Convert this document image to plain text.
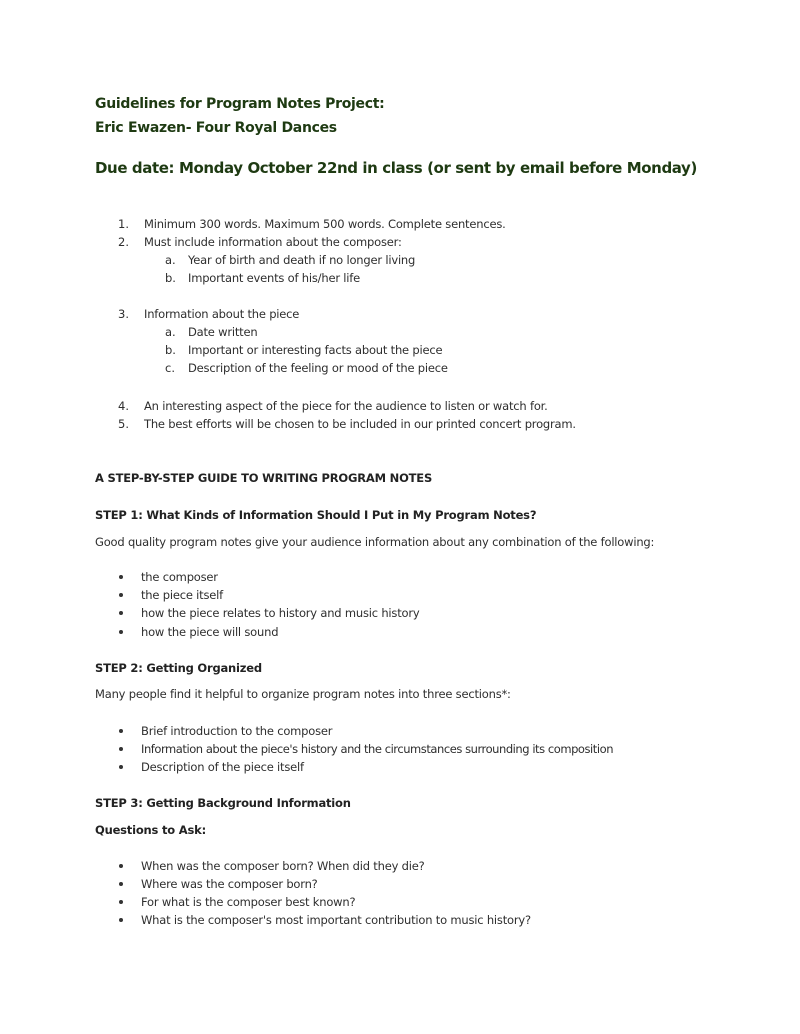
Guidelines for Program Notes Project:
Eric Ewazen- Four Royal Dances
Due date: Monday October 22nd in class (or sent by email before Monday)
1. Minimum 300 words. Maximum 500 words. Complete sentences.
2. Must include information about the composer:
a. Year of birth and death if no longer living
b. Important events of his/her life
3. Information about the piece
a. Date written
b. Important or interesting facts about the piece
c. Description of the feeling or mood of the piece
4. An interesting aspect of the piece for the audience to listen or watch for.
5. The best efforts will be chosen to be included in our printed concert program.
A STEP-BY-STEP GUIDE TO WRITING PROGRAM NOTES
STEP 1: What Kinds of Information Should I Put in My Program Notes?
Good quality program notes give your audience information about any combination of the following:
the composer
the piece itself
how the piece relates to history and music history
how the piece will sound
STEP 2: Getting Organized
Many people find it helpful to organize program notes into three sections*:
Brief introduction to the composer
Information about the piece's history and the circumstances surrounding its composition
Description of the piece itself
STEP 3: Getting Background Information
Questions to Ask:
When was the composer born? When did they die?
Where was the composer born?
For what is the composer best known?
What is the composer's most important contribution to music history?
